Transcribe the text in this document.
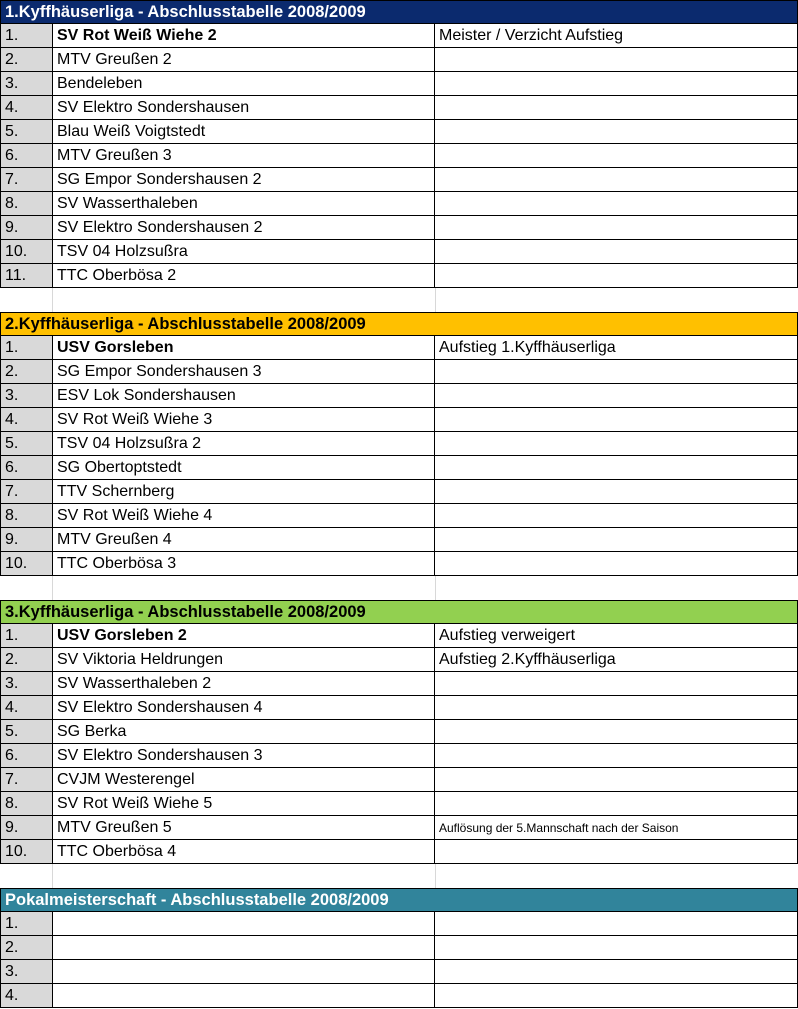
1.Kyffhäuserliga - Abschlusstabelle 2008/2009
1.	SV Rot Weiß Wiehe 2	Meister / Verzicht Aufstieg
2.	MTV Greußen 2
3.	Bendeleben
4.	SV Elektro Sondershausen
5.	Blau Weiß Voigtstedt
6.	MTV Greußen 3
7.	SG Empor Sondershausen 2
8.	SV Wasserthaleben
9.	SV Elektro Sondershausen 2
10.	TSV 04 Holzsußra
11.	TTC Oberbösa 2
2.Kyffhäuserliga - Abschlusstabelle 2008/2009
1.	USV Gorsleben	Aufstieg 1.Kyffhäuserliga
2.	SG Empor Sondershausen 3
3.	ESV Lok Sondershausen
4.	SV Rot Weiß Wiehe 3
5.	TSV 04 Holzsußra 2
6.	SG Obertoptstedt
7.	TTV Schernberg
8.	SV Rot Weiß Wiehe 4
9.	MTV Greußen 4
10.	TTC Oberbösa 3
3.Kyffhäuserliga - Abschlusstabelle 2008/2009
1.	USV Gorsleben 2	Aufstieg verweigert
2.	SV Viktoria Heldrungen	Aufstieg 2.Kyffhäuserliga
3.	SV Wasserthaleben 2
4.	SV Elektro Sondershausen 4
5.	SG Berka
6.	SV Elektro Sondershausen 3
7.	CVJM Westerengel
8.	SV Rot Weiß Wiehe 5
9.	MTV Greußen 5	Auflösung der 5.Mannschaft nach der Saison
10.	TTC Oberbösa 4
Pokalmeisterschaft - Abschlusstabelle 2008/2009
1.
2.
3.
4.
